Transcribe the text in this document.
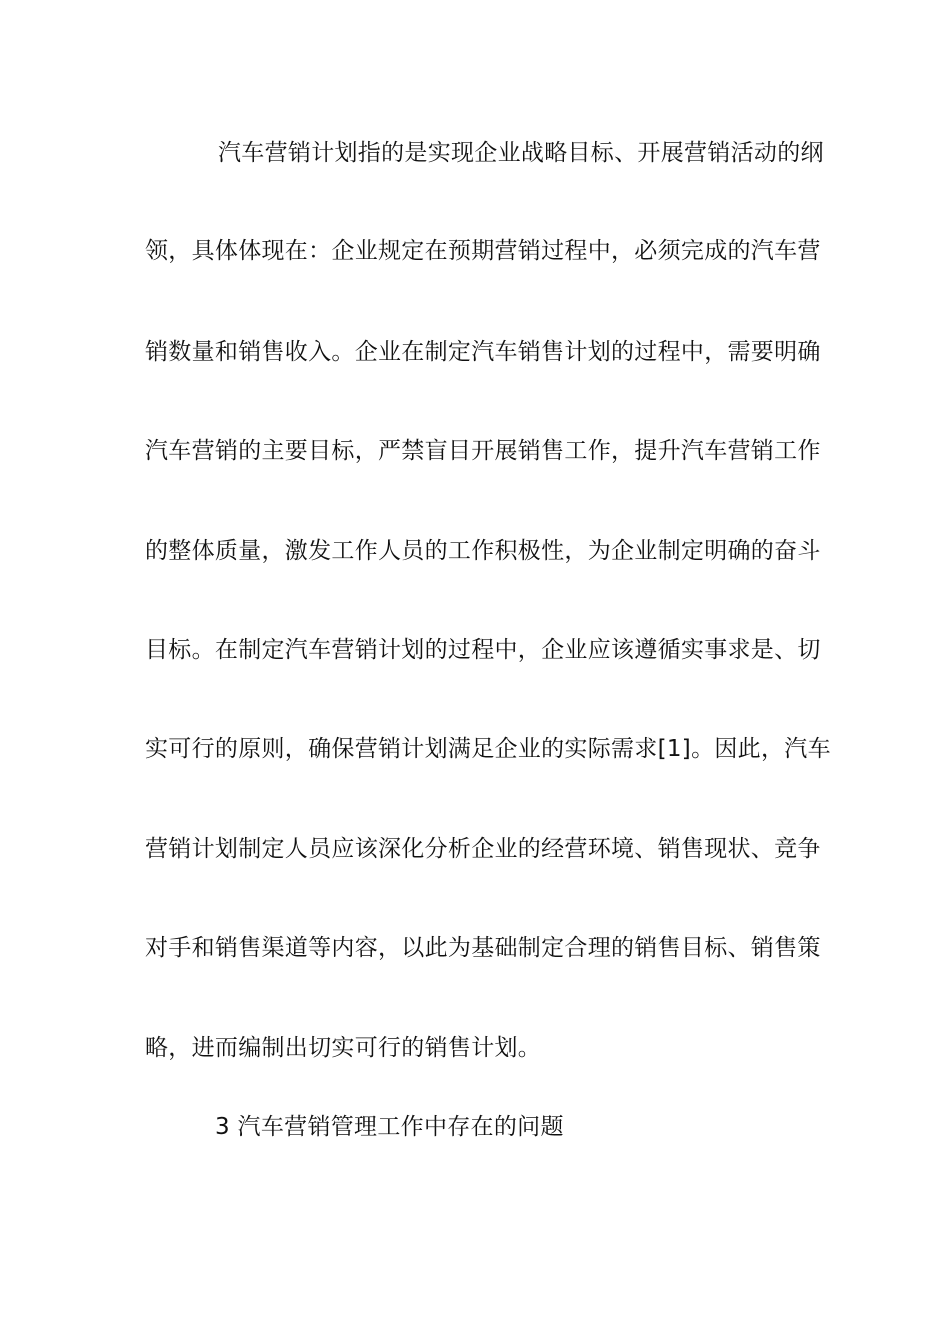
汽车营销计划指的是实现企业战略目标、开展营销活动的纲
领，具体体现在：企业规定在预期营销过程中，必须完成的汽车营
销数量和销售收入。企业在制定汽车销售计划的过程中，需要明确
汽车营销的主要目标，严禁盲目开展销售工作，提升汽车营销工作
的整体质量，激发工作人员的工作积极性，为企业制定明确的奋斗
目标。在制定汽车营销计划的过程中，企业应该遵循实事求是、切
实可行的原则，确保营销计划满足企业的实际需求[1]。因此，汽车
营销计划制定人员应该深化分析企业的经营环境、销售现状、竞争
对手和销售渠道等内容，以此为基础制定合理的销售目标、销售策
略，进而编制出切实可行的销售计划。
3 汽车营销管理工作中存在的问题
